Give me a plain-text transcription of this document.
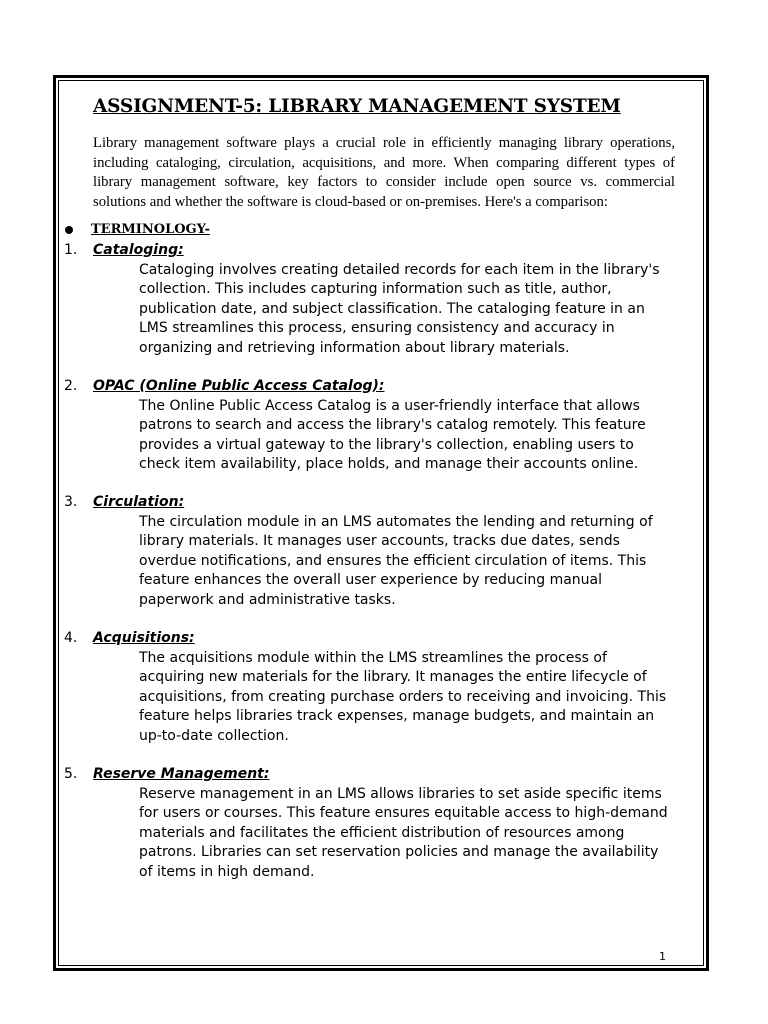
ASSIGNMENT-5: LIBRARY MANAGEMENT SYSTEM
Library management software plays a crucial role in efficiently managing library operations, including cataloging, circulation, acquisitions, and more. When comparing different types of library management software, key factors to consider include open source vs. commercial solutions and whether the software is cloud-based or on-premises. Here's a comparison:
TERMINOLOGY-
1.	Cataloging:
Cataloging involves creating detailed records for each item in the library's collection. This includes capturing information such as title, author, publication date, and subject classification. The cataloging feature in an LMS streamlines this process, ensuring consistency and accuracy in organizing and retrieving information about library materials.
2.	OPAC (Online Public Access Catalog):
The Online Public Access Catalog is a user-friendly interface that allows patrons to search and access the library's catalog remotely. This feature provides a virtual gateway to the library's collection, enabling users to check item availability, place holds, and manage their accounts online.
3.	Circulation:
The circulation module in an LMS automates the lending and returning of library materials. It manages user accounts, tracks due dates, sends overdue notifications, and ensures the efficient circulation of items. This feature enhances the overall user experience by reducing manual paperwork and administrative tasks.
4.	Acquisitions:
The acquisitions module within the LMS streamlines the process of acquiring new materials for the library. It manages the entire lifecycle of acquisitions, from creating purchase orders to receiving and invoicing. This feature helps libraries track expenses, manage budgets, and maintain an up-to-date collection.
5.	Reserve Management:
Reserve management in an LMS allows libraries to set aside specific items for users or courses. This feature ensures equitable access to high-demand materials and facilitates the efficient distribution of resources among patrons. Libraries can set reservation policies and manage the availability of items in high demand.
1
